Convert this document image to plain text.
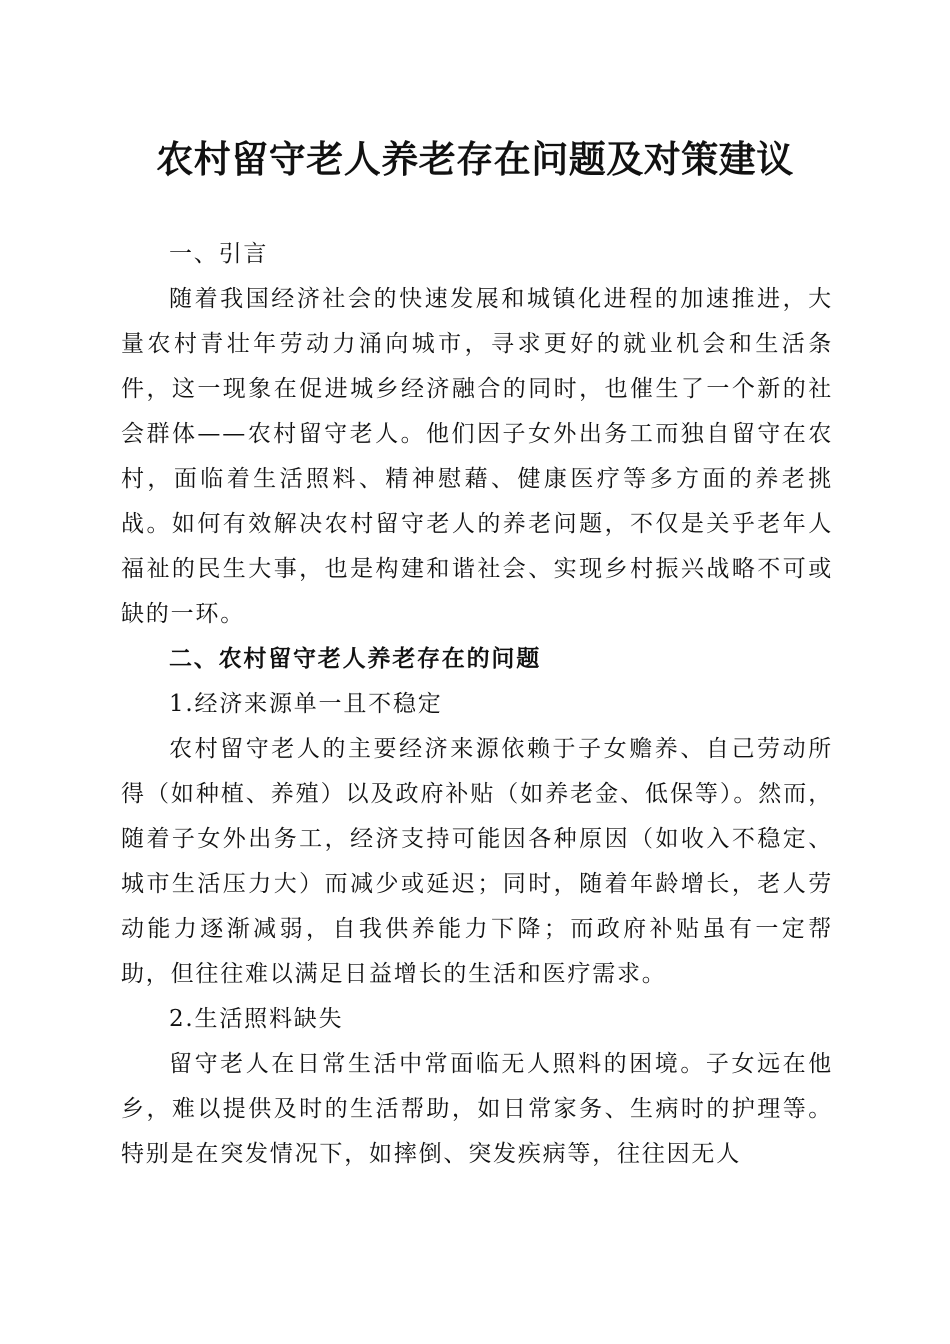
农村留守老人养老存在问题及对策建议

一、引言

随着我国经济社会的快速发展和城镇化进程的加速推进，大量农村青壮年劳动力涌向城市，寻求更好的就业机会和生活条件，这一现象在促进城乡经济融合的同时，也催生了一个新的社会群体——农村留守老人。他们因子女外出务工而独自留守在农村，面临着生活照料、精神慰藉、健康医疗等多方面的养老挑战。如何有效解决农村留守老人的养老问题，不仅是关乎老年人福祉的民生大事，也是构建和谐社会、实现乡村振兴战略不可或缺的一环。

二、农村留守老人养老存在的问题

1.经济来源单一且不稳定

农村留守老人的主要经济来源依赖于子女赡养、自己劳动所得（如种植、养殖）以及政府补贴（如养老金、低保等）。然而，随着子女外出务工，经济支持可能因各种原因（如收入不稳定、城市生活压力大）而减少或延迟；同时，随着年龄增长，老人劳动能力逐渐减弱，自我供养能力下降；而政府补贴虽有一定帮助，但往往难以满足日益增长的生活和医疗需求。

2.生活照料缺失

留守老人在日常生活中常面临无人照料的困境。子女远在他乡，难以提供及时的生活帮助，如日常家务、生病时的护理等。特别是在突发情况下，如摔倒、突发疾病等，往往因无人
